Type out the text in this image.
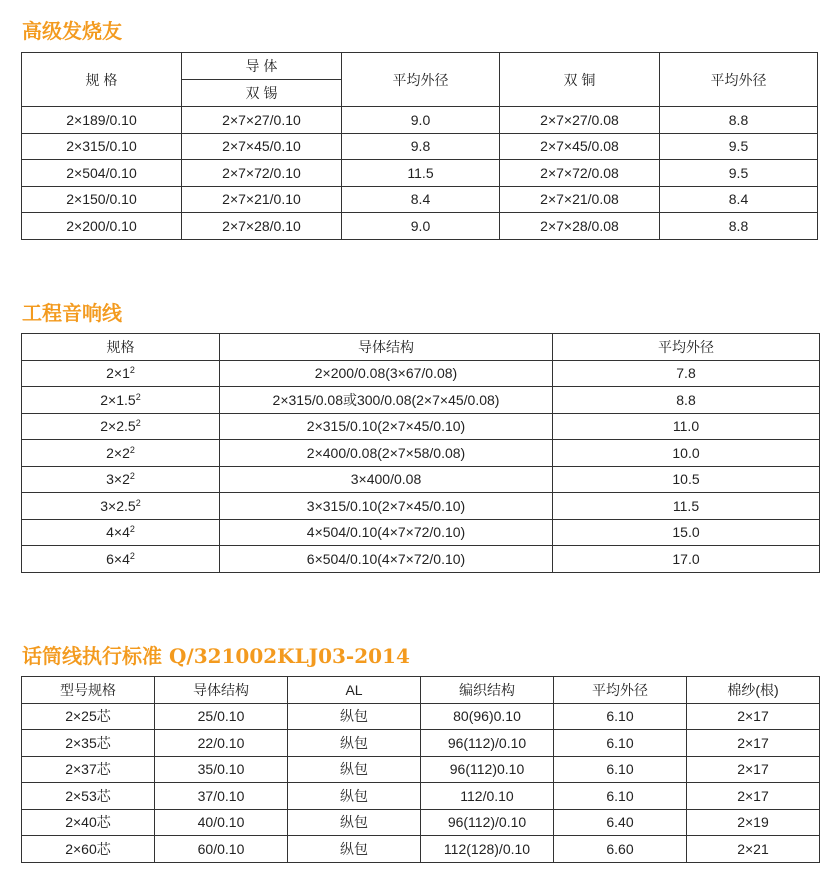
高级发烧友
规 格	导 体	平均外径	双 铜	平均外径
	双 锡			
2×189/0.10	2×7×27/0.10	9.0	2×7×27/0.08	8.8
2×315/0.10	2×7×45/0.10	9.8	2×7×45/0.08	9.5
2×504/0.10	2×7×72/0.10	11.5	2×7×72/0.08	9.5
2×150/0.10	2×7×21/0.10	8.4	2×7×21/0.08	8.4
2×200/0.10	2×7×28/0.10	9.0	2×7×28/0.08	8.8
工程音响线
规格	导体结构	平均外径
$2\times 1^2$	2×200/0.08(3×67/0.08)	7.8
$2\times 1.5^2$	2×315/0.08或300/0.08(2×7×45/0.08)	8.8
$2\times 2.5^2$	2×315/0.10(2×7×45/0.10)	11.0
$2\times 2^2$	2×400/0.08(2×7×58/0.08)	10.0
$3\times 2^2$	3×400/0.08	10.5
$3\times 2.5^2$	3×315/0.10(2×7×45/0.10)	11.5
$4\times 4^2$	4×504/0.10(4×7×72/0.10)	15.0
$6\times 4^2$	6×504/0.10(4×7×72/0.10)	17.0
话筒线执行标准 Q/321002KLJ03-2014
型号规格	导体结构	AL	编织结构	平均外径	棉纱(根)
2×25芯	25/0.10	纵包	80(96)0.10	6.10	2×17
2×35芯	22/0.10	纵包	96(112)/0.10	6.10	2×17
2×37芯	35/0.10	纵包	96(112)0.10	6.10	2×17
2×53芯	37/0.10	纵包	112/0.10	6.10	2×17
2×40芯	40/0.10	纵包	96(112)/0.10	6.40	2×19
2×60芯	60/0.10	纵包	112(128)/0.10	6.60	2×21
